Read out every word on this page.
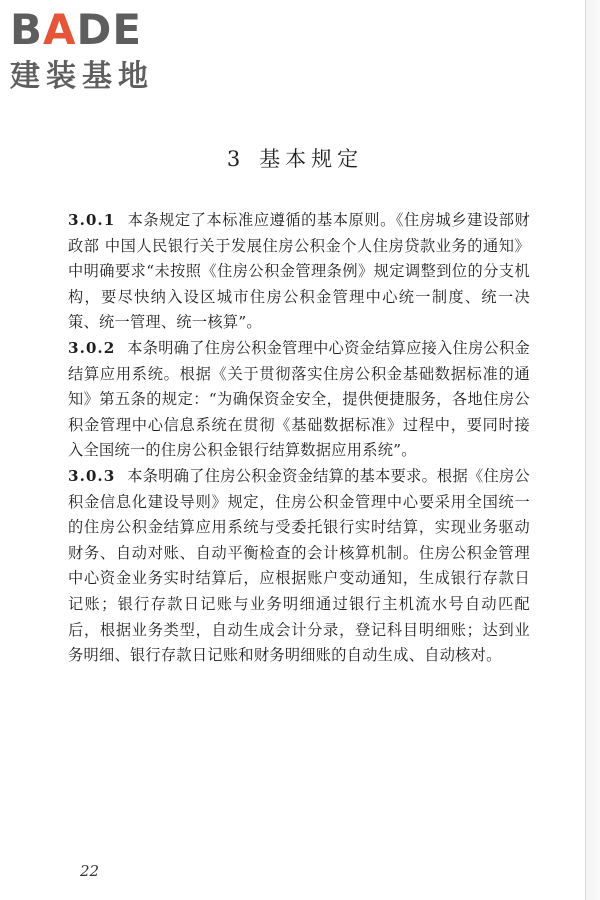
BADE
建装基地
3 基本规定

3.0.1 本条规定了本标准应遵循的基本原则。《住房城乡建设部财政部 中国人民银行关于发展住房公积金个人住房贷款业务的通知》中明确要求“未按照《住房公积金管理条例》规定调整到位的分支机构，要尽快纳入设区城市住房公积金管理中心统一制度、统一决策、统一管理、统一核算”。

3.0.2 本条明确了住房公积金管理中心资金结算应接入住房公积金结算应用系统。根据《关于贯彻落实住房公积金基础数据标准的通知》第五条的规定：“为确保资金安全，提供便捷服务，各地住房公积金管理中心信息系统在贯彻《基础数据标准》过程中，要同时接入全国统一的住房公积金银行结算数据应用系统”。

3.0.3 本条明确了住房公积金资金结算的基本要求。根据《住房公积金信息化建设导则》规定，住房公积金管理中心要采用全国统一的住房公积金结算应用系统与受委托银行实时结算，实现业务驱动财务、自动对账、自动平衡检查的会计核算机制。住房公积金管理中心资金业务实时结算后，应根据账户变动通知，生成银行存款日记账；银行存款日记账与业务明细通过银行主机流水号自动匹配后，根据业务类型，自动生成会计分录，登记科目明细账；达到业务明细、银行存款日记账和财务明细账的自动生成、自动核对。

22
